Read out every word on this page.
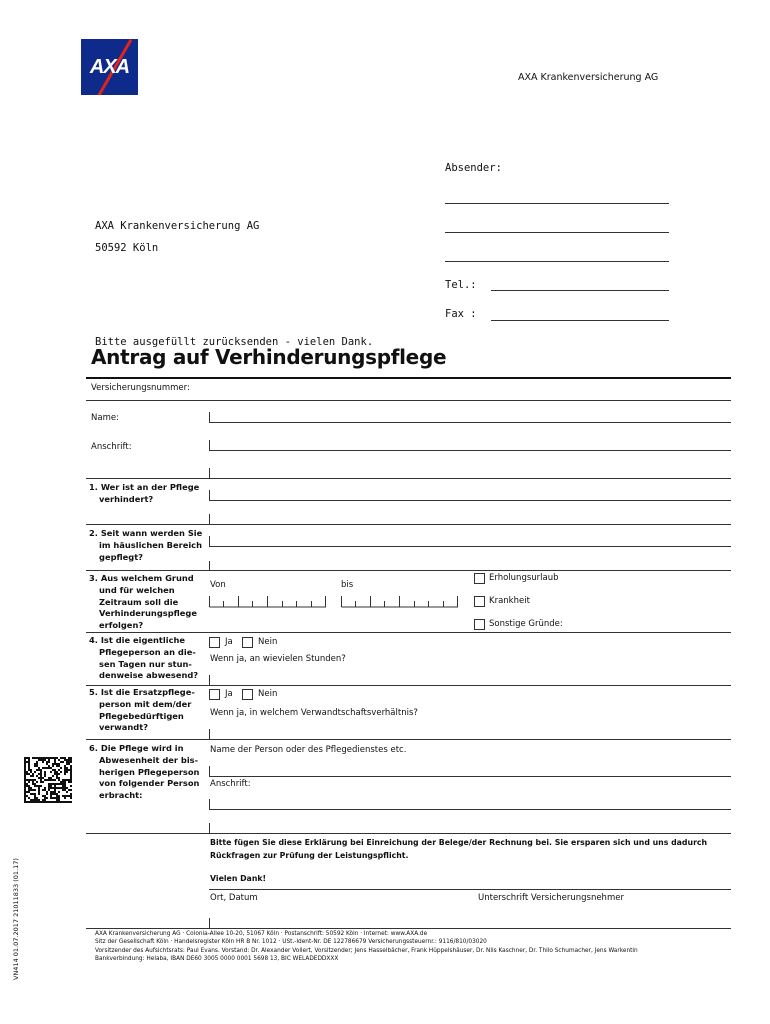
AXA	AXA Krankenversicherung AG
Absender:
Tel.:
Fax :
AXA Krankenversicherung AG
50592 Köln
Bitte ausgefüllt zurücksenden - vielen Dank.
Antrag auf Verhinderungspflege
Versicherungsnummer:
Name:
Anschrift:
1. Wer ist an der Pflege
verhindert?
2. Seit wann werden Sie
im häuslichen Bereich
gepflegt?
3. Aus welchem Grund
und für welchen
Zeitraum soll die
Verhinderungspflege
erfolgen?
Von	bis
Erholungsurlaub
Krankheit
Sonstige Gründe:
4. Ist die eigentliche
Pflegeperson an die-
sen Tagen nur stun-
denweise abwesend?
Ja	Nein
Wenn ja, an wievielen Stunden?
5. Ist die Ersatzpflege-
person mit dem/der
Pflegebedürftigen
verwandt?
Ja	Nein
Wenn ja, in welchem Verwandtschaftsverhältnis?
6. Die Pflege wird in
Abwesenheit der bis-
herigen Pflegeperson
von folgender Person
erbracht:
Name der Person oder des Pflegedienstes etc.
Anschrift:
Bitte fügen Sie diese Erklärung bei Einreichung der Belege/der Rechnung bei. Sie ersparen sich und uns dadurch
Rückfragen zur Prüfung der Leistungspflicht.
Vielen Dank!
Ort, Datum	Unterschrift Versicherungsnehmer
AXA Krankenversicherung AG · Colonia-Allee 10-20, 51067 Köln · Postanschrift: 50592 Köln · Internet: www.AXA.de
Sitz der Gesellschaft Köln · Handelsregister Köln HR B Nr. 1012 · USt.-Ident-Nr. DE 122786679 Versicherungssteuernr.: 9116/810/03020
Vorsitzender des Aufsichtsrats: Paul Evans. Vorstand: Dr. Alexander Vollert, Vorsitzender; Jens Hasselbächer, Frank Hüppelshäuser, Dr. Nils Kaschner, Dr. Thilo Schumacher, Jens Warkentin
Bankverbindung: Helaba, IBAN DE60 3005 0000 0001 5698 13, BIC WELADEDDXXX
VN414 01.07.2017 21011833 (01.17)
